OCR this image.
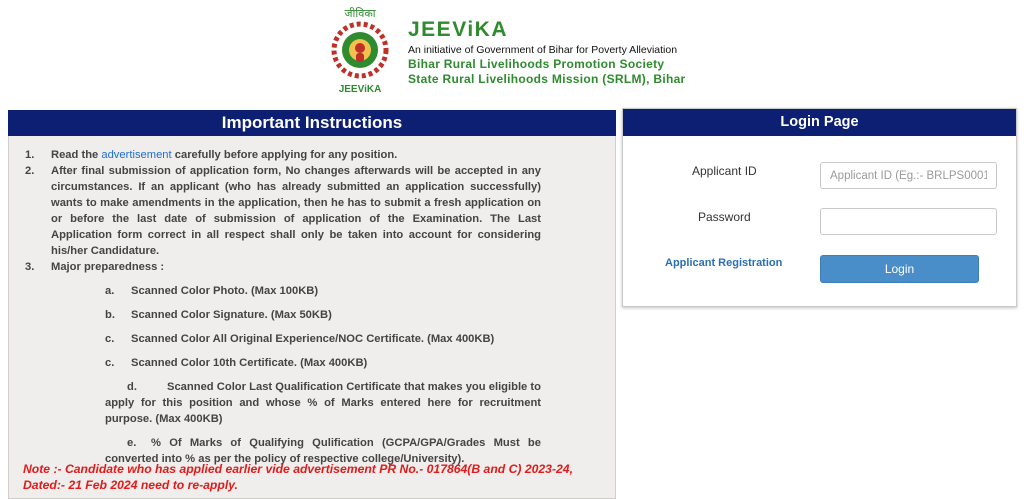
जीविका
JEEViKA
JEEViKA
An initiative of Government of Bihar for Poverty Alleviation
Bihar Rural Livelihoods Promotion Society
State Rural Livelihoods Mission (SRLM), Bihar
Important Instructions
1.	Read the advertisement carefully before applying for any position.
2.	After final submission of application form, No changes afterwards will be accepted in any circumstances. If an applicant (who has already submitted an application successfully) wants to make amendments in the application, then he has to submit a fresh application on or before the last date of submission of application of the Examination. The Last Application form correct in all respect shall only be taken into account for considering his/her Candidature.
3.	Major preparedness :
a.	Scanned Color Photo. (Max 100KB)
b.	Scanned Color Signature. (Max 50KB)
c.	Scanned Color All Original Experience/NOC Certificate. (Max 400KB)
c.	Scanned Color 10th Certificate. (Max 400KB)
d.	Scanned Color Last Qualification Certificate that makes you eligible to apply for this position and whose % of Marks entered here for recruitment purpose. (Max 400KB)
e. % Of Marks of Qualifying Qulification (GCPA/GPA/Grades Must be converted into % as per the policy of respective college/University).
Note :- Candidate who has applied earlier vide advertisement PR No.- 017864(B and C) 2023-24, Dated:- 21 Feb 2024 need to re-apply.
Login Page
Applicant ID
Applicant ID (Eg.:- BRLPS00010)
Password
Applicant Registration	Login
